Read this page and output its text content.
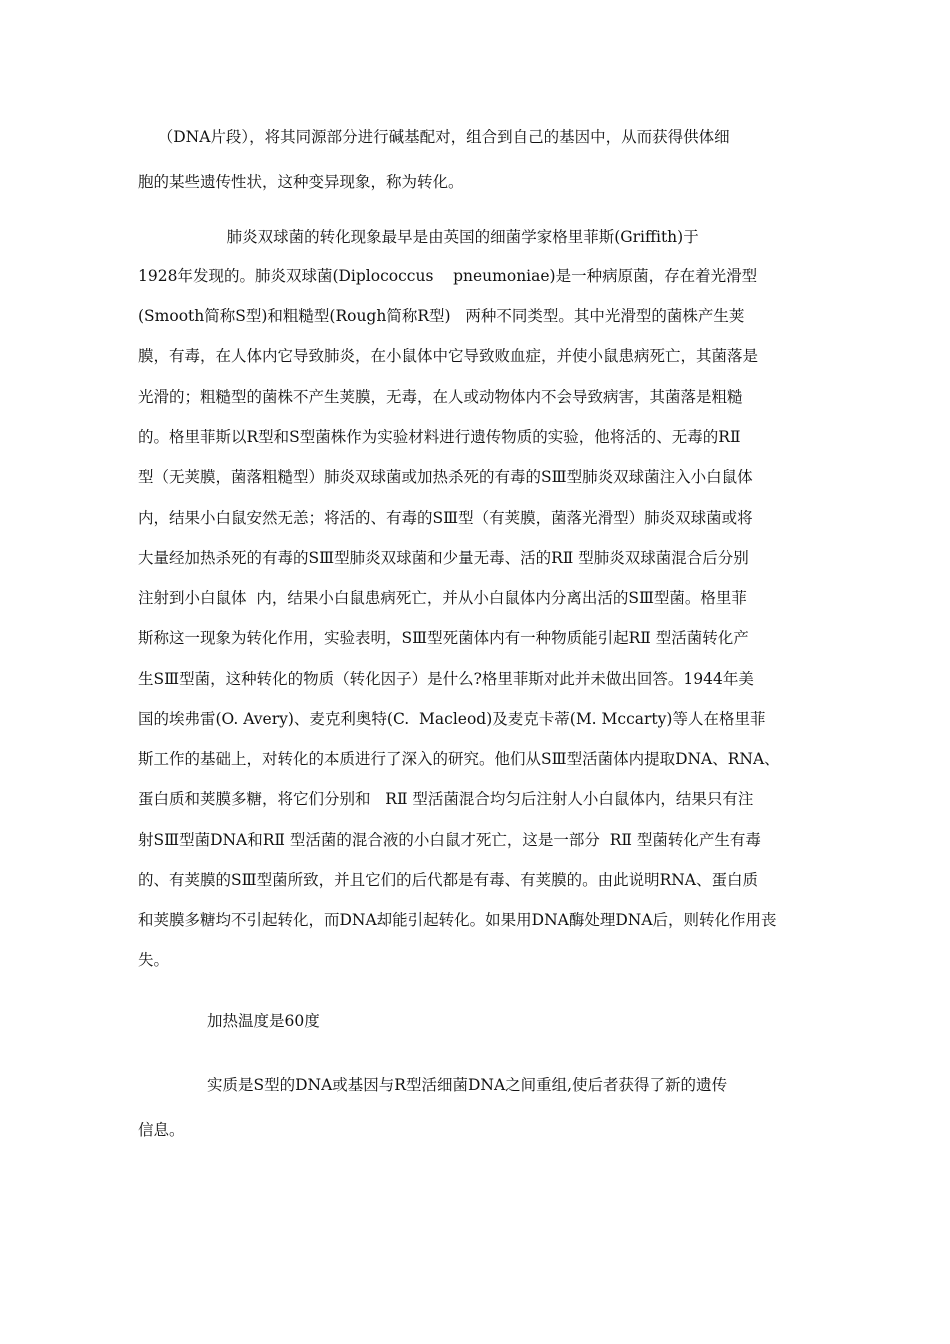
（DNA片段），将其同源部分进行碱基配对，组合到自己的基因中，从而获得供体细
胞的某些遗传性状，这种变异现象，称为转化。
肺炎双球菌的转化现象最早是由英国的细菌学家格里菲斯(Griffith)于
1928年发现的。肺炎双球菌(Diplococcus    pneumoniae)是一种病原菌，存在着光滑型
(Smooth简称S型)和粗糙型(Rough简称R型)   两种不同类型。其中光滑型的菌株产生荚
膜，有毒，在人体内它导致肺炎，在小鼠体中它导致败血症，并使小鼠患病死亡，其菌落是
光滑的；粗糙型的菌株不产生荚膜，无毒，在人或动物体内不会导致病害，其菌落是粗糙
的。格里菲斯以R型和S型菌株作为实验材料进行遗传物质的实验，他将活的、无毒的RⅡ
型（无荚膜，菌落粗糙型）肺炎双球菌或加热杀死的有毒的SⅢ型肺炎双球菌注入小白鼠体
内，结果小白鼠安然无恙；将活的、有毒的SⅢ型（有荚膜，菌落光滑型）肺炎双球菌或将
大量经加热杀死的有毒的SⅢ型肺炎双球菌和少量无毒、活的RⅡ 型肺炎双球菌混合后分别
注射到小白鼠体  内，结果小白鼠患病死亡，并从小白鼠体内分离出活的SⅢ型菌。格里菲
斯称这一现象为转化作用，实验表明，SⅢ型死菌体内有一种物质能引起RⅡ 型活菌转化产
生SⅢ型菌，这种转化的物质（转化因子）是什么?格里菲斯对此并未做出回答。1944年美
国的埃弗雷(O. Avery)、麦克利奥特(C.  Macleod)及麦克卡蒂(M. Mccarty)等人在格里菲
斯工作的基础上，对转化的本质进行了深入的研究。他们从SⅢ型活菌体内提取DNA、RNA、
蛋白质和荚膜多糖，将它们分别和   RⅡ 型活菌混合均匀后注射人小白鼠体内，结果只有注
射SⅢ型菌DNA和RⅡ 型活菌的混合液的小白鼠才死亡，这是一部分  RⅡ 型菌转化产生有毒
的、有荚膜的SⅢ型菌所致，并且它们的后代都是有毒、有荚膜的。由此说明RNA、蛋白质
和荚膜多糖均不引起转化，而DNA却能引起转化。如果用DNA酶处理DNA后，则转化作用丧
失。
加热温度是60度
实质是S型的DNA或基因与R型活细菌DNA之间重组,使后者获得了新的遗传
信息。
